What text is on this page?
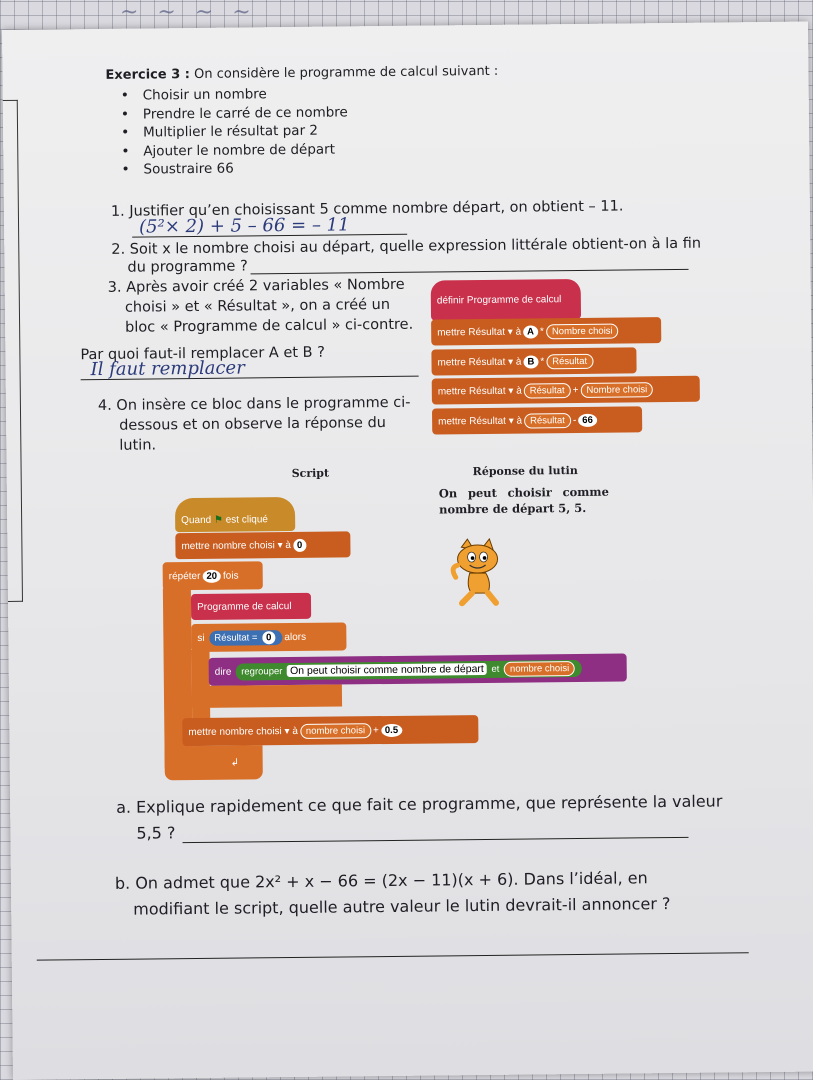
~ ~ ~ ~
Exercice 3 : On considère le programme de calcul suivant :
• Choisir un nombre
• Prendre le carré de ce nombre
• Multiplier le résultat par 2
• Ajouter le nombre de départ
• Soustraire 66
1. Justifier qu’en choisissant 5 comme nombre départ, on obtient – 11.
(5²× 2) + 5 – 66 = – 11
2. Soit x le nombre choisi au départ, quelle expression littérale obtient-on à la fin
du programme ?
3. Après avoir créé 2 variables « Nombre
choisi » et « Résultat », on a créé un
bloc « Programme de calcul » ci-contre.
Par quoi faut-il remplacer A et B ?
Il faut remplacer
4. On insère ce bloc dans le programme ci-
dessous et on observe la réponse du
lutin.
définir Programme de calcul
mettre
Résultat ▾ à A * Nombre choisi
mettre
Résultat ▾ à B * Résultat
mettre
Résultat ▾ à Résultat + Nombre choisi
mettre
Résultat ▾ à Résultat - 66
Script	Réponse du lutin
On peut choisir comme nombre de départ 5, 5.
Quand
⚑
est cliqué
mettre
nombre choisi ▾ à 0
répéter 20 fois
Programme de calcul
si
	Résultat = 0	alors
dire
	regrouper On peut choisir comme nombre de départ et nombre choisi
mettre
nombre choisi ▾ à nombre choisi + 0.5
↲
a. Explique rapidement ce que fait ce programme, que représente la valeur
5,5 ?
b. On admet que 2x² + x − 66 = (2x − 11)(x + 6). Dans l’idéal, en
modifiant le script, quelle autre valeur le lutin devrait-il annoncer ?
